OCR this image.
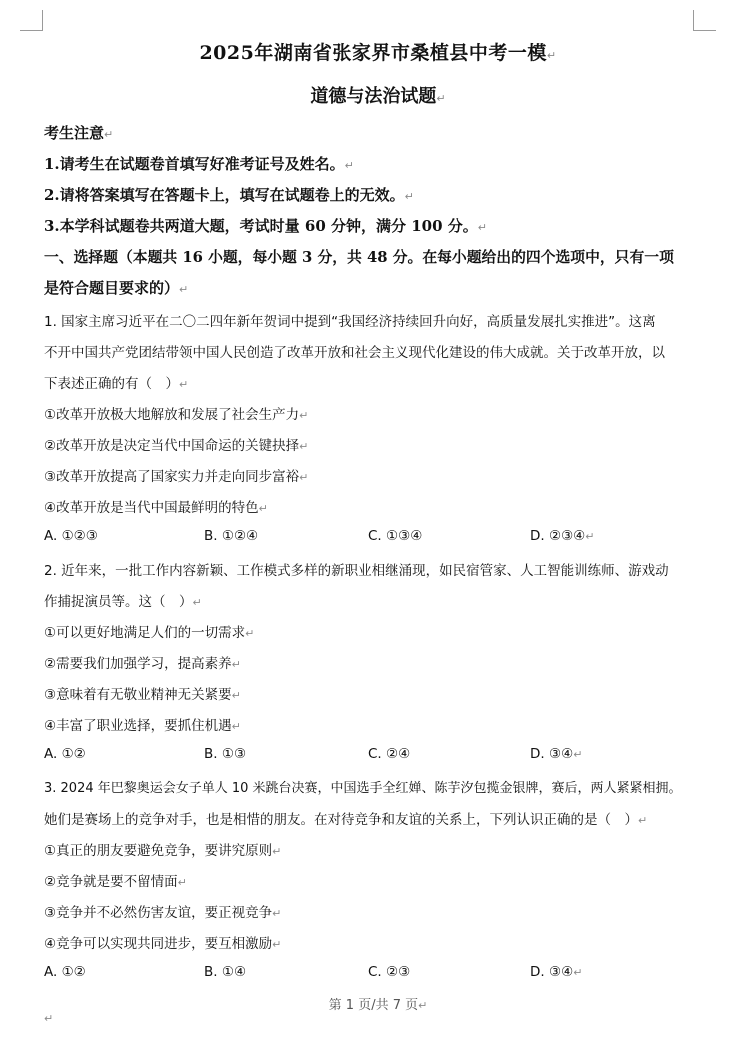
2025年湖南省张家界市桑植县中考一模↵
道德与法治试题↵
考生注意↵
1.请考生在试题卷首填写好准考证号及姓名。↵
2.请将答案填写在答题卡上，填写在试题卷上的无效。↵
3.本学科试题卷共两道大题，考试时量 60 分钟，满分 100 分。↵
一、选择题（本题共 16 小题，每小题 3 分，共 48 分。在每小题给出的四个选项中，只有一项
是符合题目要求的）↵
1. 国家主席习近平在二〇二四年新年贺词中提到“我国经济持续回升向好，高质量发展扎实推进”。这离
不开中国共产党团结带领中国人民创造了改革开放和社会主义现代化建设的伟大成就。关于改革开放，以
下表述正确的有（　）↵
①改革开放极大地解放和发展了社会生产力↵
②改革开放是决定当代中国命运的关键抉择↵
③改革开放提高了国家实力并走向同步富裕↵
④改革开放是当代中国最鲜明的特色↵
A. ①②③	B. ①②④	C. ①③④	D. ②③④↵
2. 近年来，一批工作内容新颖、工作模式多样的新职业相继涌现，如民宿管家、人工智能训练师、游戏动
作捕捉演员等。这（　）↵
①可以更好地满足人们的一切需求↵
②需要我们加强学习，提高素养↵
③意味着有无敬业精神无关紧要↵
④丰富了职业选择，要抓住机遇↵
A. ①②	B. ①③	C. ②④	D. ③④↵
3. 2024 年巴黎奥运会女子单人 10 米跳台决赛，中国选手全红婵、陈芋汐包揽金银牌，赛后，两人紧紧相拥。
她们是赛场上的竞争对手，也是相惜的朋友。在对待竞争和友谊的关系上，下列认识正确的是（　）↵
①真正的朋友要避免竞争，要讲究原则↵
②竞争就是要不留情面↵
③竞争并不必然伤害友谊，要正视竞争↵
④竞争可以实现共同进步，要互相激励↵
A. ①②	B. ①④	C. ②③	D. ③④↵
第 1 页/共 7 页↵
↵
